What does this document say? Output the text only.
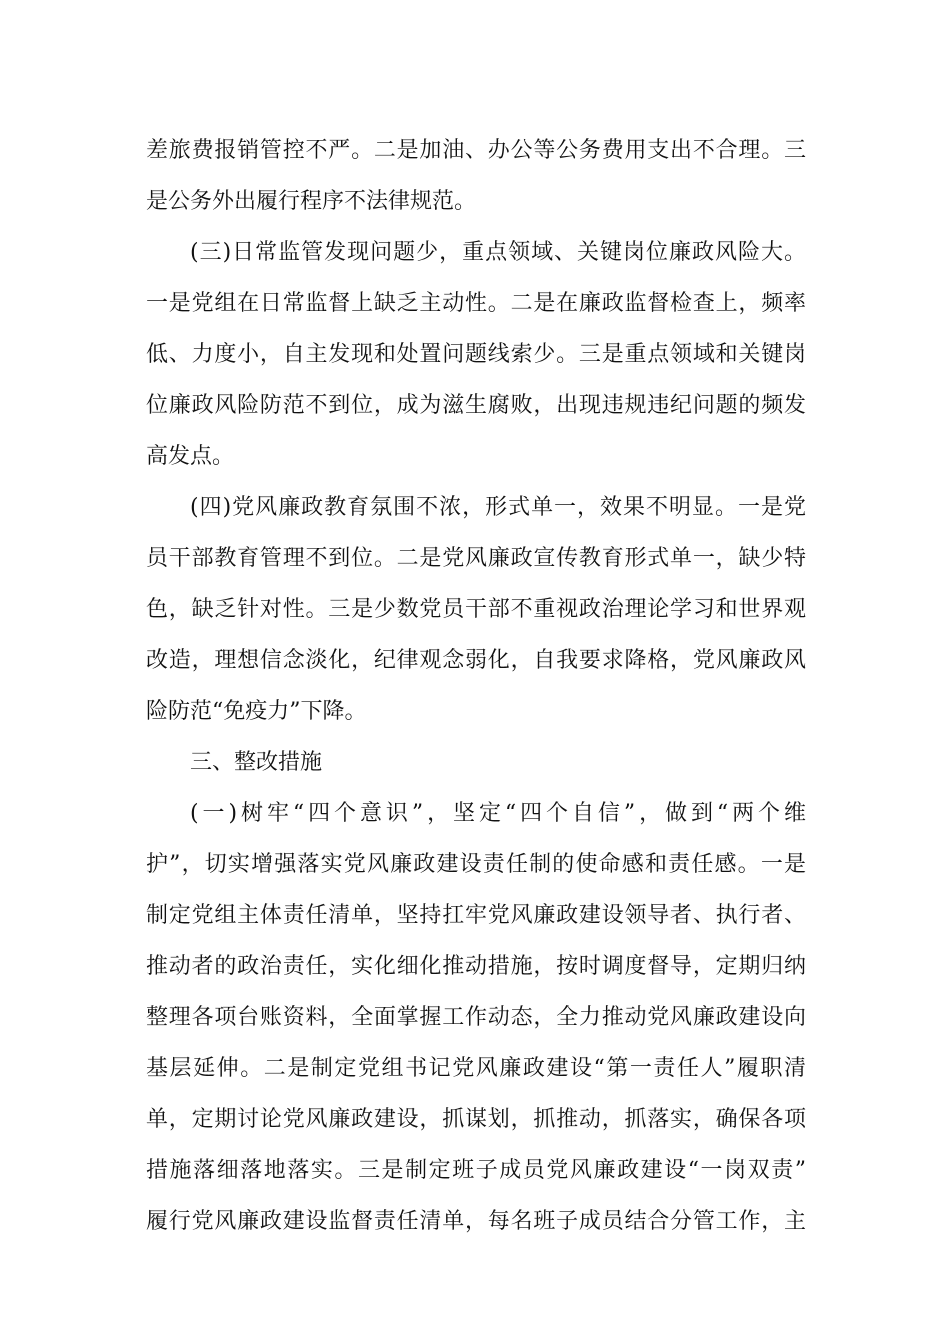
差旅费报销管控不严。二是加油、办公等公务费用支出不合理。三
是公务外出履行程序不法律规范。
(三)日常监管发现问题少，重点领域、关键岗位廉政风险大。
一是党组在日常监督上缺乏主动性。二是在廉政监督检查上，频率
低、力度小，自主发现和处置问题线索少。三是重点领域和关键岗
位廉政风险防范不到位，成为滋生腐败，出现违规违纪问题的频发
高发点。
(四)党风廉政教育氛围不浓，形式单一，效果不明显。一是党
员干部教育管理不到位。二是党风廉政宣传教育形式单一，缺少特
色，缺乏针对性。三是少数党员干部不重视政治理论学习和世界观
改造，理想信念淡化，纪律观念弱化，自我要求降格，党风廉政风
险防范“免疫力”下降。
三、整改措施
(一)树牢“四个意识”，坚定“四个自信”，做到“两个维
护”，切实增强落实党风廉政建设责任制的使命感和责任感。一是
制定党组主体责任清单，坚持扛牢党风廉政建设领导者、执行者、
推动者的政治责任，实化细化推动措施，按时调度督导，定期归纳
整理各项台账资料，全面掌握工作动态，全力推动党风廉政建设向
基层延伸。二是制定党组书记党风廉政建设“第一责任人”履职清
单，定期讨论党风廉政建设，抓谋划，抓推动，抓落实，确保各项
措施落细落地落实。三是制定班子成员党风廉政建设“一岗双责”
履行党风廉政建设监督责任清单，每名班子成员结合分管工作，主
